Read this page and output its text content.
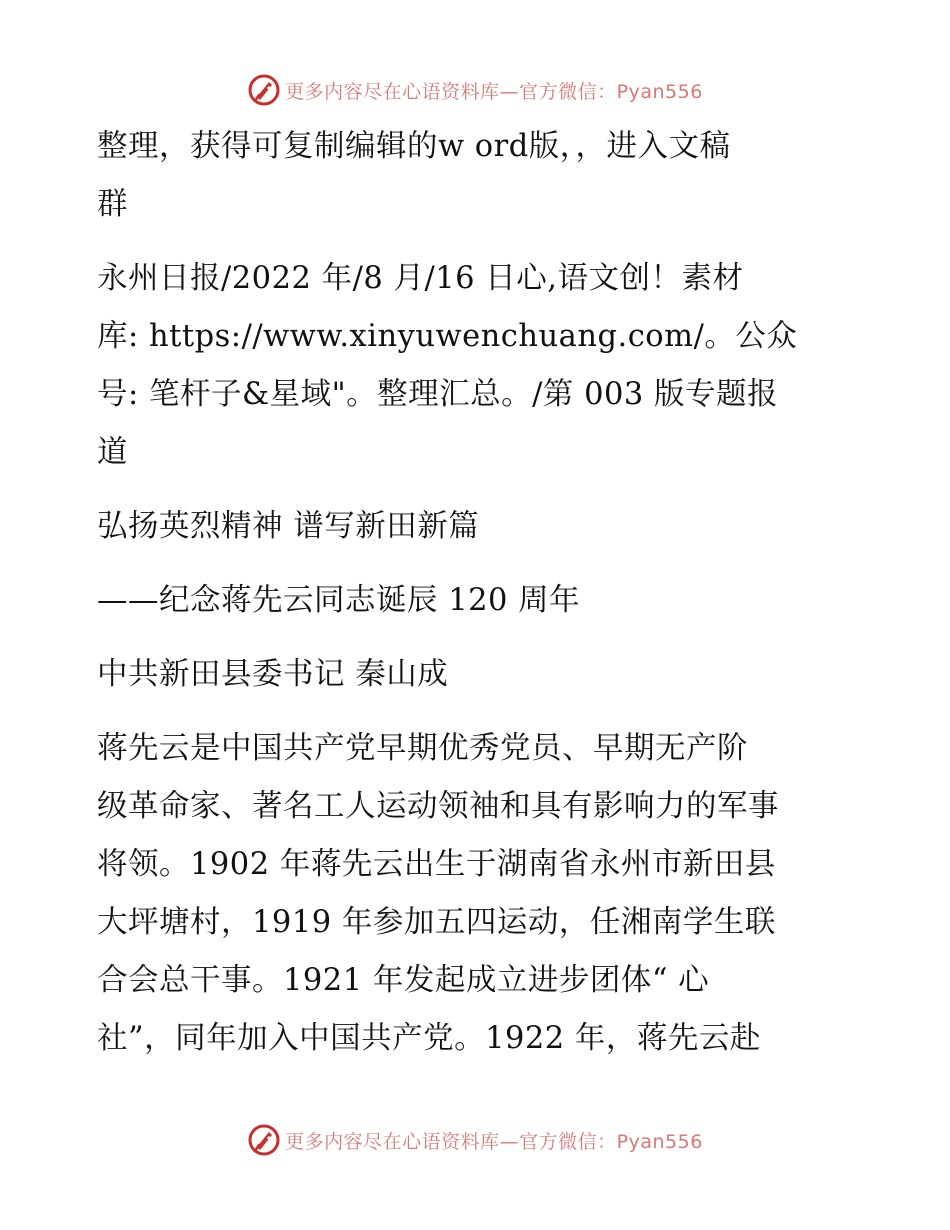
更多内容尽在心语资料库—官方微信：Pyan556

整理，获得可复制编辑的w ord版，，进入文稿

群

永州日报/2022 年/8 月/16 日心,语文创！素材

库: https://www.xinyuwenchuang.com/。公众

号: 笔杆子&星域"。整理汇总。/第 003 版专题报

道

弘扬英烈精神 谱写新田新篇

——纪念蒋先云同志诞辰 120 周年

中共新田县委书记 秦山成

蒋先云是中国共产党早期优秀党员、早期无产阶

级革命家、著名工人运动领袖和具有影响力的军事

将领。1902 年蒋先云出生于湖南省永州市新田县

大坪塘村，1919 年参加五四运动，任湘南学生联

合会总干事。1921 年发起成立进步团体“ 心

社”，同年加入中国共产党。1922 年，蒋先云赴

更多内容尽在心语资料库—官方微信：Pyan556
